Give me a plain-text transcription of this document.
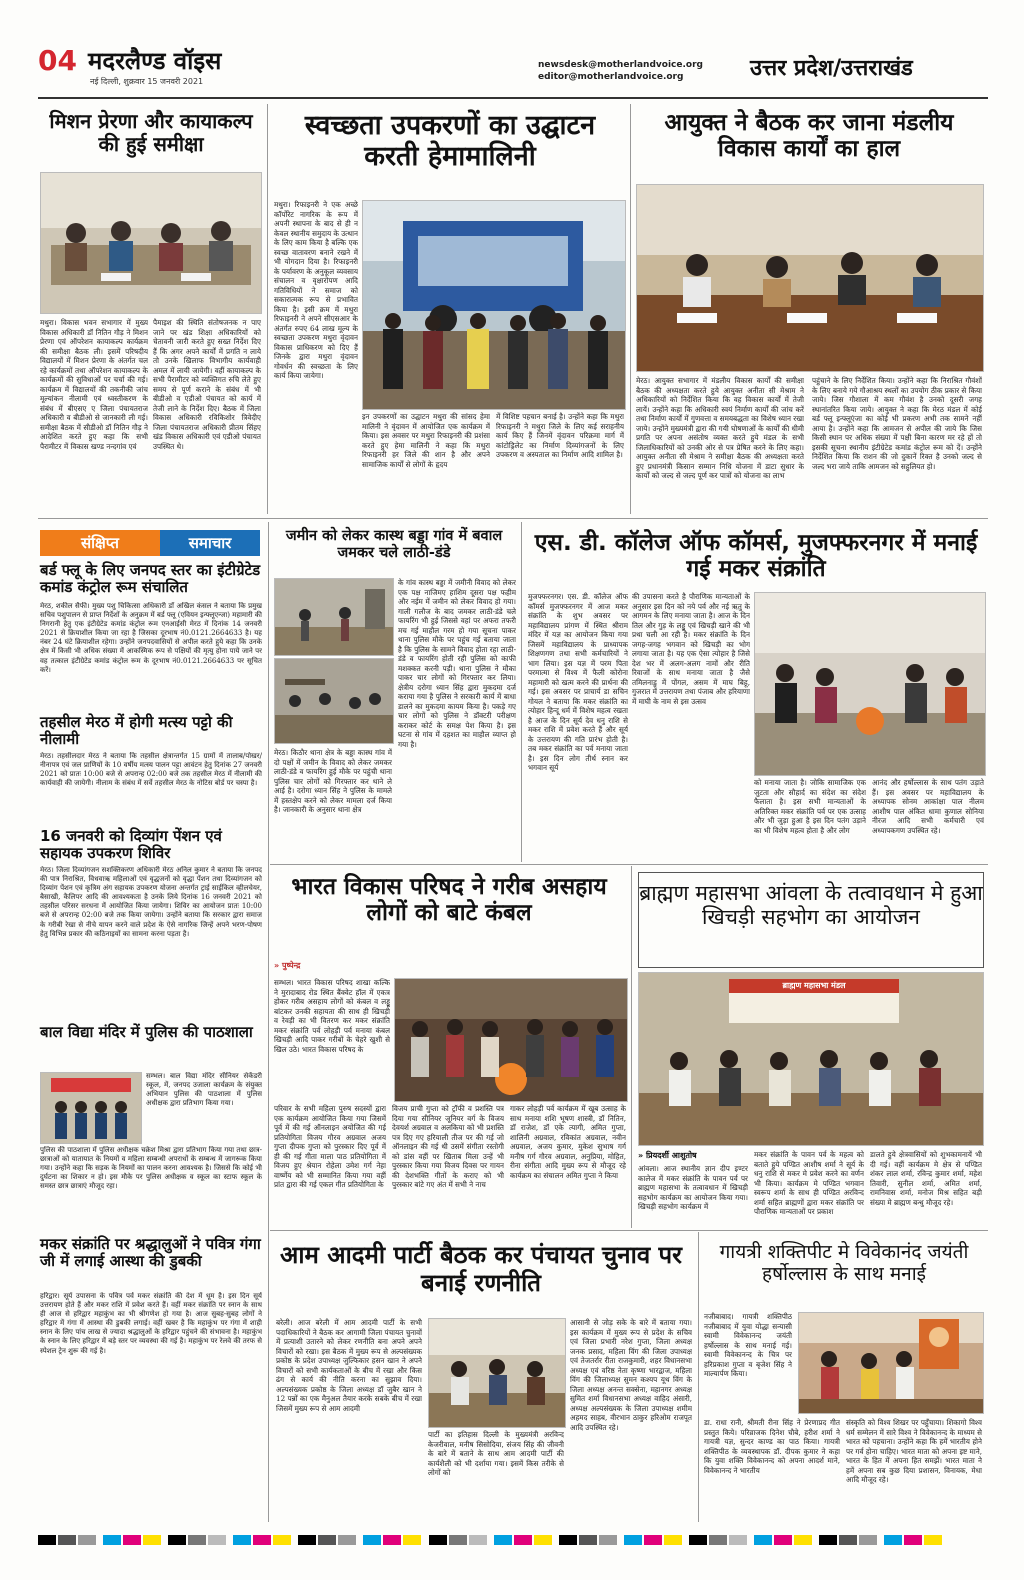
04 मदरलैण्ड वॉइस
नई दिल्ली, शुक्रवार 15 जनवरी 2021
newsdesk@motherlandvoice.org
editor@motherlandvoice.org	उत्तर प्रदेश/उत्तराखंड
मिशन प्रेरणा और कायाकल्प की हुई समीक्षा
मथुरा। विकास भवन सभागार में मुख्य विकास अधिकारी डॉ नितिन गौड़ ने मिशन प्रेरणा एवं ऑपरेशन कायाकल्प कार्यक्रम की समीक्षा बैठक ली। इसमें परिषदीय विद्यालयों में मिशन प्रेरणा के अंतर्गत चल रहे कार्यक्रमों तथा ऑपरेशन कायाकल्प के कार्यक्रमों की सुविधाओं पर चर्चा की गई। कार्यक्रम में विद्यालयों की तकनीकी जांच मूल्यांकन नीलामी एवं ध्वस्तीकरण के संबंध में बीएसए ए जिला पंचायतराज अधिकारी व बीडीओ से जानकारी ली गई। समीक्षा बैठक में सीडीओ डॉ नितिन गौड़ ने आदेशित करते हुए कहा कि सभी पैरामीटर में विकास खण्ड नन्दगांव एवं
पैमाइश की स्थिति संतोषजनक न पाए जाने पर खंड शिक्षा अधिकारियों को चेतावनी जारी करते हुए सख्त निर्देश दिए हैं कि अगर अपने कार्यों में प्रगति न लाये तो उनके खिलाफ विभागीय कार्यवाही अमल में लायी जायेगी। वहीं कायाकल्प के सभी पैरामीटर को व्यक्तिगत रुचि लेते हुए समय से पूर्ण कराने के संबंध में भी बीडीओ व एडीओ पंचायत को कार्य में तेजी लाने के निर्देश दिए। बैठक में जिला विकास अधिकारी रविकिशोर त्रिवेदीए जिला पंचायतराज अधिकारी प्रीतम सिंहए खंड विकास अधिकारी एवं एडीओ पंचायत उपस्थित थे।
स्वच्छता उपकरणों का उद्घाटन करती हेमामालिनी
मथुरा। रिफाइनरी ने एक अच्छे कॉर्पोरेट नागरिक के रूप में अपनी स्थापना के बाद से ही न केवल स्थानीय समुदाय के उत्थान के लिए काम किया है बल्कि एक स्वच्छ वातावरण बनाने रखने में भी योगदान दिया है। रिफाइनरी के पर्यावरण के अनुकूल व्यवसाय संचालन व वृक्षारोपण आदि गतिविधियों ने समाज को सकारात्मक रूप से प्रभावित किया है। इसी क्रम में मथुरा रिफाइनरी ने अपने सीएसआर के अंतर्गत रुपए 64 लाख मूल्य के स्वच्छता उपकरण मथुरा वृंदावन विकास प्राधिकरण को दिए हैं जिनके द्वारा मथुरा वृंदावन गोवर्धन की स्वच्छता के लिए कार्य किया जायेगा।
इन उपकरणों का उद्घाटन मथुरा की सांसद हेमा मालिनी ने वृंदावन में आयोजित एक कार्यक्रम में किया। इस अवसर पर मथुरा रिफाइनरी की प्रशंसा करते हुए हेमा मालिनी ने कहा कि मथुरा रिफाइनरी हर जिले की शान है और अपने सामाजिक कार्यों से लोगों के हृदय
में विशिष्ट पहचान बनाई है। उन्होंने कहा कि मथुरा रिफाइनरी ने मथुरा जिले के लिए कई सराहनीय कार्य किए हैं जिनमें वृंदावन परिक्रमा मार्ग में कांटोड्रिलेट का निर्माण दिव्यांगजनों के लिए उपकरण व अस्पताल का निर्माण आदि शामिल है।
आयुक्त ने बैठक कर जाना मंडलीय विकास कार्यों का हाल
मेरठ। आयुक्त सभागार में मंडलीय विकास कार्यों की समीक्षा बैठक की अध्यक्षता करते हुये आयुक्त अनीता सी मेश्राम ने अधिकारियों को निर्देशित किया कि वह विकास कार्यों में तेजी लायें। उन्होंने कहा कि अधिकारी स्वयं निर्माण कार्यों की जांच करें तथा निर्माण कार्यों में गुणवत्ता व समयबद्धता का विशेष ध्यान रखा जाये। उन्होंने मुख्यमंत्री द्वारा की गयी घोषणाओं के कार्यों की धीमी प्रगति पर अपना असंतोष व्यक्त करते हुये मंडल के सभी जिलाधिकारियों को उनकी ओर से पत्र प्रेषित करने के लिए कहा। आयुक्त अनीता सी मेश्राम ने समीक्षा बैठक की अध्यक्षता करते हुए प्रधानमंत्री किसान सम्मान निधि योजना में डाटा सुधार के कार्यों को जल्द से जल्द पूर्ण कर पात्रों को योजना का लाभ
पहुंचाने के लिए निर्देशित किया। उन्होंने कहा कि निराश्रित गौवंशों के लिए बनाये गये गौआश्रय स्थलों का उपयोग ठीक प्रकार से किया जाये। जिस गौशाला में कम गौवंश है उनको दूसरी जगह स्थानांतरित किया जाये। आयुक्त ने कहा कि मेरठ मंडल में कोई बर्ड फ्लू इन्फ्लूएंजा का कोई भी प्रकरण अभी तक सामने नहीं आया है। उन्होंने कहा कि आमजन से अपील की जाये कि जिस किसी स्थान पर अधिक संख्या में पक्षी बिना कारण मर रहे हों तो इसकी सूचना स्थानीय इंटीग्रेटेड कमांड कंट्रोल रूम को दें। उन्होंने निर्देशित किया कि राशन की जो दुकानें रिक्त है उनको जल्द से जल्द भरा जाये ताकि आमजन को सहुलियत हो।
संक्षिप्त	समाचार
बर्ड फ्लू के लिए जनपद स्तर का इंटीग्रेटेड कमांड कंट्रोल रूम संचालित
मेरठ, शकील सैफी। मुख्य पशु चिकित्सा अधिकारी डाॅ अखिल कंसल ने बताया कि प्रमुख सचिव पशुपालन से प्राप्त निर्देशों के अनुक्रम में बर्ड फ्लू (एवियन इन्फ्लूएन्जा) महामारी की निगरानी हेतु एक इंटीग्रेटेड कमांड कंट्रोल रूम एनआईसी मेरठ में दिनांक 14 जनवरी 2021 से क्रियाशील किया जा रहा है जिसका दूरभाष नं0.0121.2664633 है। यह नंबर 24 घंटे क्रियाशील रहेगा। उन्होंने जनपदवासियों से अपील करते हुये कहा कि उनके क्षेत्र में किसी भी अधिक संख्या में आकस्मिक रूप से पक्षियों की मृत्यु होना पाये जाने पर वह तत्काल इंटीग्रेटेड कमांड कंट्रोल रूम के दूरभाष नं0.0121.2664633 पर सूचित करें।
तहसील मेरठ में होगी मत्स्य पट्टो की नीलामी
मेरठ। तहसीलदार मेरठ ने बताया कि तहसील क्षेत्रान्तर्गत 15 ग्रामों में तालाब/पोखर/नीनापत्र एवं जल प्राणियों के 10 वर्षीय मत्स्य पालन पट्टा आवंटन हेतु दिनांक 27 जनवरी 2021 को प्रातः 10:00 बजे से अपरान्ह 02:00 बजे तक तहसील मेरठ में नीलामी की कार्यवाही की जायेगी। नीलाम के संबंध में सर्वे तहसील मेरठ के नोटिस बोर्ड पर चस्पा है।
16 जनवरी को दिव्यांग पेंशन एवं सहायक उपकरण शिविर
मेरठ। जिला दिव्यांगजन सशक्तिकरण अधिकारी मेरठ अनिल कुमार ने बताया कि जनपद की पात्र निराश्रित, विधवाऋ महिलाओं एवं वृद्धजनों को वृद्धा पेंशन तथा दिव्यांगजन को दिव्यांग पेंशन एवं कृत्रिम अंग सहायक उपकरण योजना अन्तर्गत ट्राई साईकिल व्हीलचेयर, बैसाखी, कैलिपर आदि की आवश्यकता है उनके लिये दिनांक 16 जनवरी 2021 को तहसील परिसर सरधना में आयोजित किया जायेगा। शिविर का आयोजन प्रातः 10:00 बजे से अपरान्ह 02:00 बजे तक किया जायेगा। उन्होंने बताया कि सरकार द्वारा समाज के गरीबी रेखा से नीचे यापन करने वाले प्रदेश के ऐसे नागरिक जिन्हें अपने भरण-पोषण हेतु विभिन्न प्रकार की कठिनाइयों का सामना करना पड़ता है।
बाल विद्या मंदिर में पुलिस की पाठशाला
सम्भल। बाल विद्या मंदिर सीनियर सेकेंडरी स्कूल, में, जनपद उजाला कार्यक्रम के संयुक्त अभियान पुलिस की पाठशाला में पुलिस अधीक्षक द्वारा प्रतिभाग किया गया।
पुलिस की पाठशाला में पुलिस अधीक्षक चक्रेश मिश्रा द्वारा प्रतिभाग किया गया तथा छात्र-छात्राओं को यातायात के नियमों व महिला सम्बन्धी अपराधों के सम्बन्ध में जागरूक किया गया। उन्होंने कहा कि सड़क के नियमों का पालन करना आवश्यक है। जिससे कि कोई भी दुर्घटना का शिकार न हो। इस मौके पर पुलिस अधीक्षक व स्कूल का स्टाफ स्कूल के समस्त छात्र छात्राएं मौजूद रहा।
मकर संक्रांति पर श्रद्धालुओं ने पवित्र गंगा जी में लगाई आस्था की डुबकी
हरिद्वार। सूर्य उपासना के पवित्र पर्व मकर संक्रांति की देश में धूम है। इस दिन सूर्य उत्तरायण होते हैं और मकर राशि में प्रवेश करते हैं। वहीं मकर संक्रांति पर स्नान के साथ ही आज से हरिद्वार महाकुंभ का भी श्रीगणेश हो गया है। आज सुबह-सुबह लोगों ने हरिद्वार में गंगा में आस्था की डुबकी लगाई। वहीं खबर है कि महाकुंभ पर गंगा में शाही स्नान के लिए पांच लाख से ज्यादा श्रद्धालुओं के हरिद्वार पहुंचने की संभावना है। महाकुंभ के स्नान के लिए हरिद्वार में बड़े स्तर पर व्यवस्था की गई है। महाकुंभ पर रेलवे की तरफ से स्पेशल ट्रेन शुरू की गई है।
जमीन को लेकर कास्थ बड्डा गांव में बवाल जमकर चले लाठी-डंडे
मेरठ। किठौर थाना क्षेत्र के बड्डा कास्थ गांव में दो पक्षों में जमीन के विवाद को लेकर जमकर लाठी-डंडे व फायरिंग हुई मौके पर पहुंची थाना पुलिस चार लोगों को गिरफ्तार कर थाने ले आई है। दरोगा ध्यान सिंह ने पुलिस के मामले में हस्तक्षेप करने को लेकर मामला दर्ज किया है। जानकारी के अनुसार थाना क्षेत्र
के गांव कास्थ बड्डा में जमीनी विवाद को लेकर एक पक्ष नाजिमए हाशिम दूसरा पक्ष फहीम और नईम में जमीन को लेकर विवाद हो गया। गाली गलौज के बाद जमकर लाठी-डंडे चले फायरिंग भी हुई जिससे वहां पर अफरा तफरी मच गई माहौल गरम हो गया सूचना पाकर थाना पुलिस मौके पर पहुंच गई बताया जाता है कि पुलिस के सामने विवाद होता रहा लाठी-डंडे व फायरिंग होती रही पुलिस को काफी मशक्कत करनी पड़ी। थाना पुलिस ने मौका पाकर चार लोगों को गिरफ्तार कर लिया। क्षेत्रीय दरोगा ध्यान सिंह द्वारा मुकदमा दर्ज कराया गया है पुलिस ने सरकारी कार्य में बाधा डालने का मुकदमा कायम किया है। पकड़े गए चार लोगों को पुलिस ने डॉक्टरी परीक्षण कराकर कोर्ट के समक्ष पेश किया है। इस घटना से गांव में दहशत का माहौल व्याप्त हो गया है।
एस. डी. कॉलेज ऑफ कॉमर्स, मुजफ्फरनगर में मनाई गई मकर संक्रांति
मुजफ्फरनगर। एस. डी. कॉलेज ऑफ कॉमर्स मुजफ्फरनगर में आज मकर संक्रांति के शुभ अवसर पर महाविद्यालय प्रांगण में स्थित श्रीराम मंदिर में यज्ञ का आयोजन किया गया जिसमें महाविद्यालय के प्राध्यापक शिक्षणगण तथा सभी कर्मचारियों ने भाग लिया। इस यज्ञ में परम पिता परमात्मा से विश्व में फैली कोरोना महामारी को खत्म करने की प्रार्थना की गई। इस अवसर पर प्राचार्य डा सचिन गोयल ने बताया कि मकर संक्रांति का त्योहार हिन्दू धर्म में विशेष महत्व रखता है आज के दिन सूर्य देव धनु राशि से मकर राशि में प्रवेश करते हैं और सूर्य के उत्तरायण की गति प्रारंभ होती है। तब मकर संक्रांति का पर्व मनाया जाता है। इस दिन लोग तीर्थ स्नान कर भगवान सूर्य
की उपासना करते है पौराणिक मान्यताओं के अनुसार इस दिन को नये पर्व और नई ऋतु के आगमन के लिए मनाया जाता है। आज के दिन तिल और गुड़ के लड्डू एवं खिचड़ी खाने की भी प्रथा चली आ रही है। मकर संक्रांति के दिन जगह-जगह भगवान को खिचड़ी का भोग लगाया जाता है। यह एक ऐसा त्योहार है जिसे देश भर में अलग-अलग नामों और रीति रिवाजों के साथ मनाया जाता है जैसे तमिलनाडु में पोंगल, असम में माघ बिहू, गुजरात में उत्तरायण तथा पंजाब और हरियाणा में माघी के नाम से इस उत्सव
को मनाया जाता है। जोकि सामाजिक एक जुटता और सौहार्द का संदेश का संदेश फैलाता है। इस सभी मान्यताओं के अतिरिक्त मकर संक्रांति पर्व पर एक उत्साह और भी जुड़ा हुआ है इस दिन पतंग उड़ाने का भी विशेष महत्व होता है और लोग
आनंद और हर्षोल्लास के साथ पतंग उड़ाते हैं। इस अवसर पर महाविद्यालय के अध्यापक सोनम आकांक्षा पाल नीलम आशीष पाल अंकित धामा कुणाल सोनिया नीरज आदि सभी कर्मचारी एवं अध्यापकगण उपस्थित रहे।
भारत विकास परिषद ने गरीब असहाय लोगों को बाटे कंबल
» पुष्पेन्द्र
सम्भल। भारत विकास परिषद शाखा कल्कि ने मुरादाबाद रोड स्थित बैंक्वेट हॉल में एकत्र होकर गरीब असहाय लोगों को कंबल व लड्डू बांटकर उनकी सहायता की साथ ही खिचड़ी व रेवड़ी का भी वितरण कर मकर संक्रांति मकर संक्रांति पर्व लोहड़ी पर्व मनाया कंबल खिचड़ी आदि पाकर गरीबों के चेहरे खुशी से खिल उठे। भारत विकास परिषद के
परिवार के सभी महिला पुरुष सदस्यों द्वारा एक कार्यक्रम आयोजित किया गया जिसमें पूर्व में की गई ऑनलाइन अयोजित की गई प्रतियोगिता विजय गौरव अग्रवाल अजय गुप्ता दीपक गुप्ता को पुरस्कार दिए पूर्व में ही की गई गीता माला पाठ प्रतियोगिता में विजय हुए श्रेयान रोहेला उमेश गर्ग नेहा वार्ष्णेय को भी सम्मानित किया गया वहीं प्रांत द्वारा की गई एकल गीत प्रतियोगिता के
विजय प्राची गुप्ता को ट्रॉफी व प्रशस्ति पत्र दिया गया सीनियर जूनियर वर्ग के विजय देवयर्श अग्रवाल व अलकिया को भी प्रशस्ति पत्र दिए गए हरियाली तीज पर की गई जो ऑनलाइन की गई थी उसमें संगीता रस्तोगी को डांस वहीं पर खिताब मिला उन्हें भी पुरस्कार किया गया विजय दिवस पर गायन की देशभक्ति गीतों के कराए को भी पुरस्कार बांटे गए अंत में सभी ने नाच
गाकर लोहड़ी पर्व कार्यक्रम में खूब उत्साह के साथ मनाया शशि भूषण शास्त्री, डॉ नितिन, डॉ राजेश, डॉ एके त्यागी, अमित गुप्ता, शालिनी अग्रवाल, रविकांत अग्रवाल, नवीन अग्रवाल, अजय कुमार, मुकेश सुभाष गर्ग मनीष गर्ग गौरव अग्रवाल, अनुप्रिया, मोहित, रीना संगीता आदि मुख्य रूप से मौजूद रहे कार्यक्रम का संचालन अमित गुप्ता ने किया
ब्राह्मण महासभा आंवला के तत्वावधान मे हुआ खिचड़ी सहभोग का आयोजन
ब्राह्मण महासभा मंडल
» प्रियदर्शी आशुतोष
आंवला। आज स्थानीय ज्ञान दीप इण्टर कालेज में मकर संक्रांति के पावन पर्व पर ब्राह्मण महासभा के तत्वावधान में खिचड़ी सहभोग कार्यक्रम का आयोजन किया गया। खिचड़ी सहभोग कार्यक्रम में
मकर संक्रांति के पावन पर्व के महत्व को बताते हुये पण्डित आशीष शर्मा ने सूर्य के धनु राशि से मकर मे प्रवेश करने का वर्णन भी किया। कार्यक्रम मे पण्डित भगवान स्वरूप शर्मा के साथ ही पण्डित अरविन्द शर्मा सहित ब्राह्मणों द्वारा मकर संक्रांति पर पौराणिक मान्यताओं पर प्रकाश
डालते हुये क्षेत्रवासियों को शुभकामनायें भी दी गई। वहीं कार्यक्रम मे क्षेत्र से पण्डित शंकर लाल शर्मा, रविन्द्र कुमार शर्मा, महेश तिवारी, सुनील शर्मा, अमित शर्मा, रामनिवास शर्मा, मनोज मिश्र सहित बड़ी संख्या मे ब्राह्मण बन्धु मौजूद रहे।
आम आदमी पार्टी बैठक कर पंचायत चुनाव पर बनाई रणनीति
बरेली। आज बरेली में आम आदमी पार्टी के सभी पदाधिकारियों ने बैठक कर आगामी जिला पंचायत चुनावों में प्रत्याशी उतारने को लेकर रणनीति बना अपने अपने विचारों को रखा। इस बैठक में मुख्य रूप से अल्पसंख्यक प्रकोष्ठ के प्रदेश उपाध्यक्ष जुल्फिकार हसन खान ने अपने विचारों को सभी कार्यकताओं के बीच में रखा और किस ढंग से कार्य की नीति करना का सुझाव दिया। अल्पसंख्यक प्रकोष्ठ के जिला अध्यक्ष डॉ जुबैर खान ने 12 पन्नों का एक मैनुअल तैयार करके सबके बीच में रखा जिसमें मुख्य रूप से आम आदमी
पार्टी का इतिहास दिल्ली के मुख्यमंत्री अरविन्द केजरीवाल, मनीष सिसोदिया, संजय सिंह की जीवनी के बारे में बताने के साथ आम आदमी पार्टी की कार्यशैली को भी दर्शाया गया। इसमें किस तरीके से लोगों को
आसानी से जोड़ सके के बारे में बताया गया। इस कार्यक्रम में मुख्य रूप से प्रदेश के सचिव एवं जिला प्रभारी नरेश गुप्ता, जिला अध्यक्ष जनक प्रसाद, महिला विंग की जिला उपाध्यक्ष एवं तेजतर्रार रीता राजकुमारी, शहर विधानसभा अध्यक्ष एवं वरिष्ठ नेता कृष्णा भारद्वाज, महिला विंग की जिलाध्यक्ष सुमन कश्यप यूथ विंग के जिला अध्यक्ष अनन्त सक्सेना, महानगर अध्यक्ष सुमित शर्मा विधानसभा अध्यक्ष वाहिद अंसारी, अध्यक्ष अल्पसंख्यक के जिला उपाध्यक्ष शमीम अहमद साहब, वीरभान ठाकुर हरिओम राजपूत आदि उपस्थित रहे।
गायत्री शक्तिपीट मे विवेकानंद जयंती हर्षोल्लास के साथ मनाई
नजीबाबाद। गायत्री शक्तिपीठ नजीबाबाद में युवा योद्धा सन्यासी स्वामी विवेकानन्द जयंती हर्षोल्लास के साथ मनाई गई। स्वामी विवेकानन्द के चित्र पर हरिप्रकाश गुप्ता व बृजेश सिंह ने माल्यार्पण किया।
डा. राधा रानी, श्रीमती रीना सिंह ने प्रेरणाप्रद गीत प्रस्तुत किये। परिव्राजक दिनेश चौबे, हरीश शर्मा ने गायत्री यज्ञ, सुन्दर काण्ड का पाठ किया। गायत्री शक्तिपीठ के व्यवस्थापक डॉ. दीपक कुमार ने कहा कि युवा शक्ति विवेकानन्द को अपना आदर्श माने, विवेकानन्द ने भारतीय
संस्कृति को विश्व शिखर पर पहुँचाया। शिकागो विश्व धर्म सम्मेलन में सारे विश्व ने विवेकानन्द के माध्यम से भारत को पहचाना। उन्होंने कहा कि हमें भारतीय होने पर गर्व होना चाहिए। भारत माता को अपना इष्ट माने, भारत के हित में अपना हित समझें। भारत माता ने हमें अपना सब कुछ दिया प्रशासन, विनायक, मेधा आदि मौजूद रहे।
